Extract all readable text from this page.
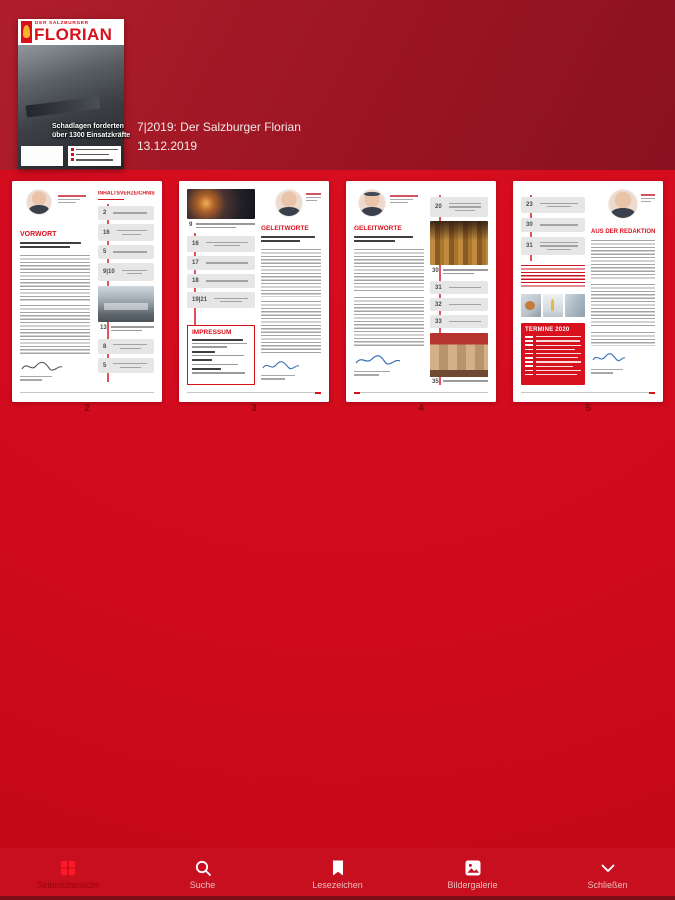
DER SALZBURGER
FLORIAN
Schadlagen forderten
über 1300 Einsatzkräfte
7|2019: Der Salzburger Florian
13.12.2019
VORWORT
INHALTSVERZEICHNIS
2
16
5
9|10
13
8
5
2
9
16
17
18
19|21
IMPRESSUM
GELEITWORTE
3
GELEITWORTE
20
30
31
32
33
35
4
23
30
31
TERMINE 2020
AUS DER REDAKTION
5
Seitenübersicht	Suche	Lesezeichen	Bildergalerie	Schließen
